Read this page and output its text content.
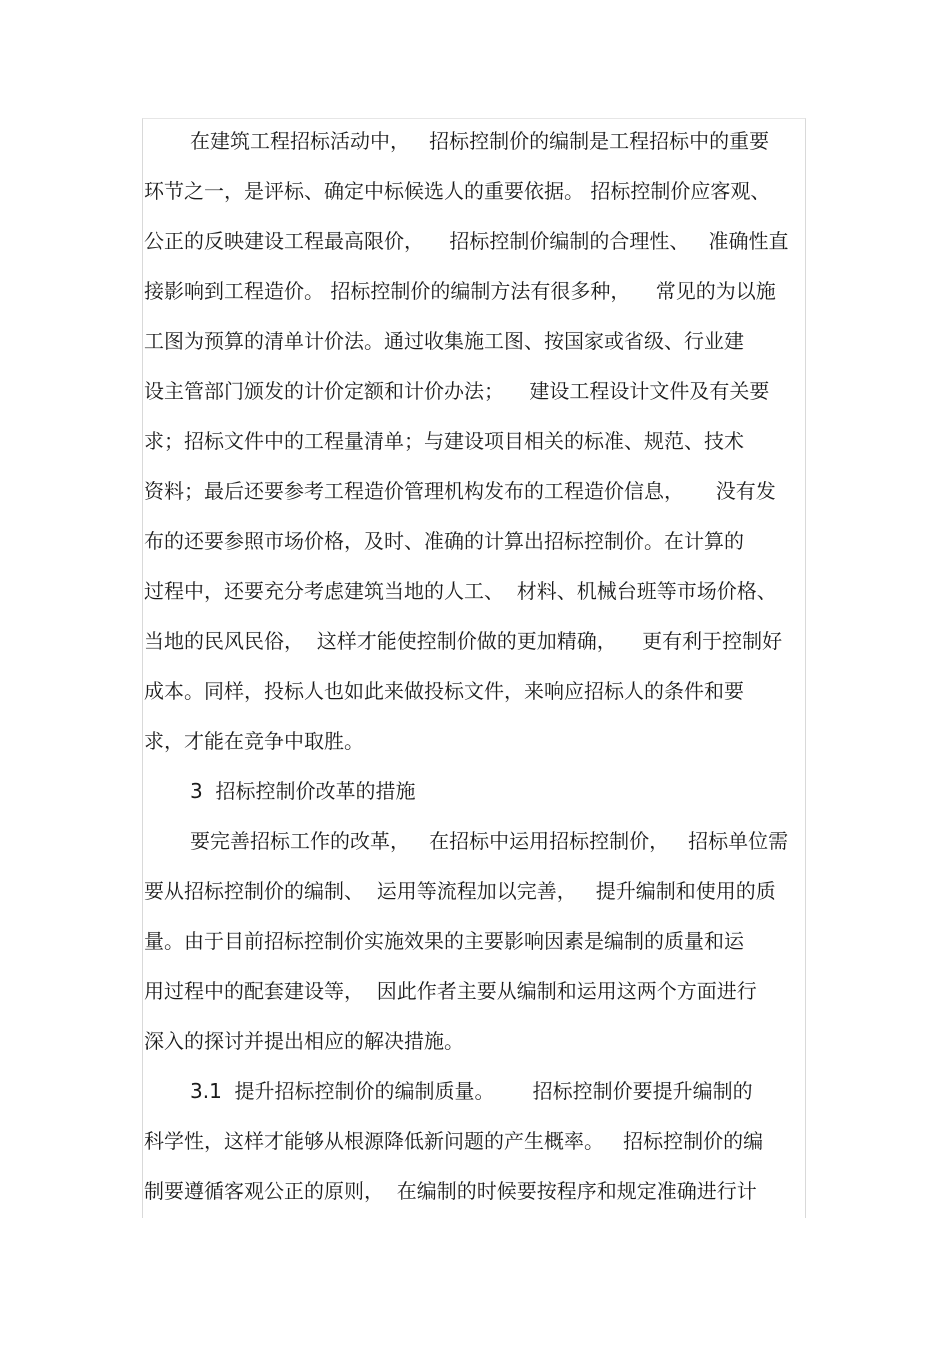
在建筑工程招标活动中，   招标控制价的编制是工程招标中的重要
环节之一，是评标、确定中标候选人的重要依据。 招标控制价应客观、
公正的反映建设工程最高限价，    招标控制价编制的合理性、   准确性直
接影响到工程造价。 招标控制价的编制方法有很多种，    常见的为以施
工图为预算的清单计价法。通过收集施工图、按国家或省级、行业建
设主管部门颁发的计价定额和计价办法；    建设工程设计文件及有关要
求；招标文件中的工程量清单；与建设项目相关的标准、规范、技术
资料；最后还要参考工程造价管理机构发布的工程造价信息，     没有发
布的还要参照市场价格，及时、准确的计算出招标控制价。在计算的
过程中，还要充分考虑建筑当地的人工、  材料、机械台班等市场价格、
当地的民风民俗，  这样才能使控制价做的更加精确，    更有利于控制好
成本。同样，投标人也如此来做投标文件，来响应招标人的条件和要
求，才能在竞争中取胜。
3  招标控制价改革的措施
要完善招标工作的改革，   在招标中运用招标控制价，   招标单位需
要从招标控制价的编制、  运用等流程加以完善，   提升编制和使用的质
量。由于目前招标控制价实施效果的主要影响因素是编制的质量和运
用过程中的配套建设等，  因此作者主要从编制和运用这两个方面进行
深入的探讨并提出相应的解决措施。
3.1  提升招标控制价的编制质量。      招标控制价要提升编制的
科学性，这样才能够从根源降低新问题的产生概率。   招标控制价的编
制要遵循客观公正的原则，  在编制的时候要按程序和规定准确进行计
